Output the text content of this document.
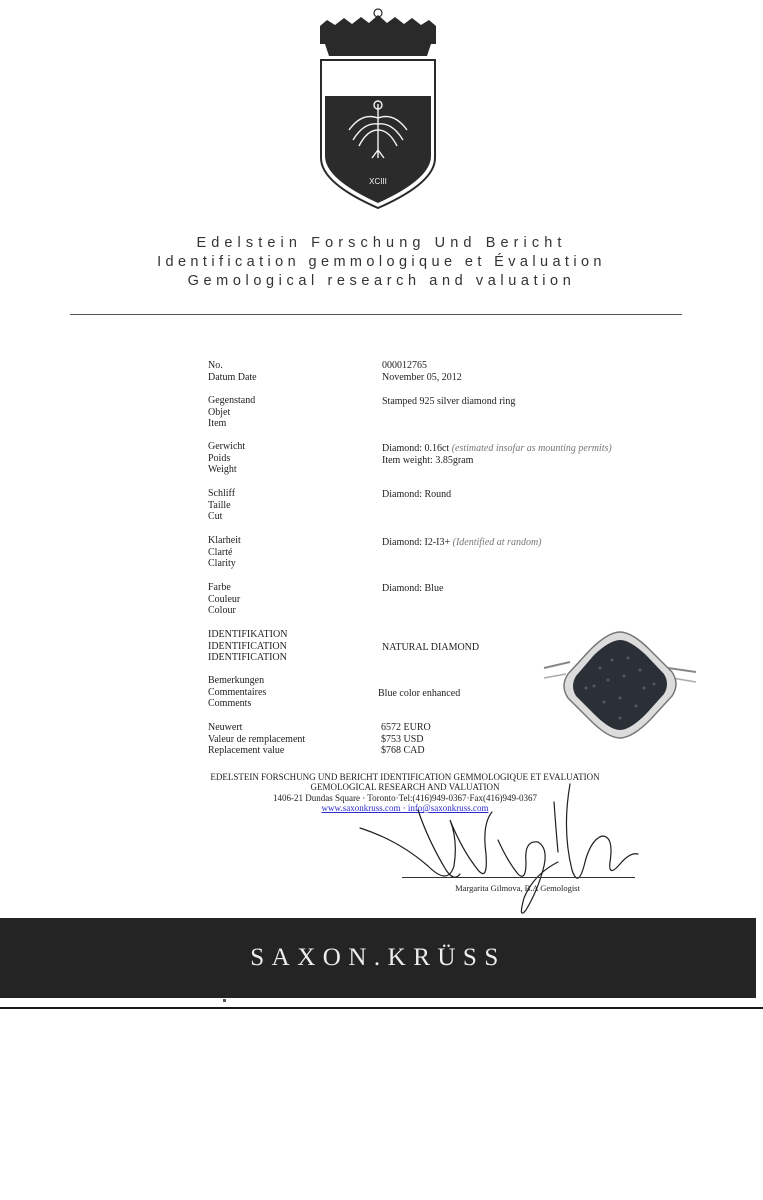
XCIII
Edelstein Forschung Und Bericht
Identification gemmologique et Évaluation
Gemological research and valuation
No.
Datum Date
000012765
November 05, 2012
Gegenstand
Objet
Item
Stamped 925 silver diamond ring
Gerwicht
Poids
Weight
Diamond: 0.16ct (estimated insofar as mounting permits)
Item weight: 3.85gram
Schliff
Taille
Cut
Diamond: Round
Klarheit
Clarté
Clarity
Diamond: I2-I3+ (Identified at random)
Farbe
Couleur
Colour
Diamond: Blue
IDENTIFIKATION
IDENTIFICATION
IDENTIFICATION
NATURAL DIAMOND
Bemerkungen
Commentaires
Comments
Blue color enhanced
Neuwert
Valeur de remplacement
Replacement value
6572 EURO
$753 USD
$768 CAD
EDELSTEIN FORSCHUNG UND BERICHT IDENTIFICATION GEMMOLOGIQUE ET EVALUATION
GEMOLOGICAL RESEARCH AND VALUATION
1406-21 Dundas Square · Toronto·Tel:(416)949-0367·Fax(416)949-0367
www.saxonkruss.com · info@saxonkruss.com
Margarita Gilmova, B.A Gemologist
SAXON.KRÜSS
